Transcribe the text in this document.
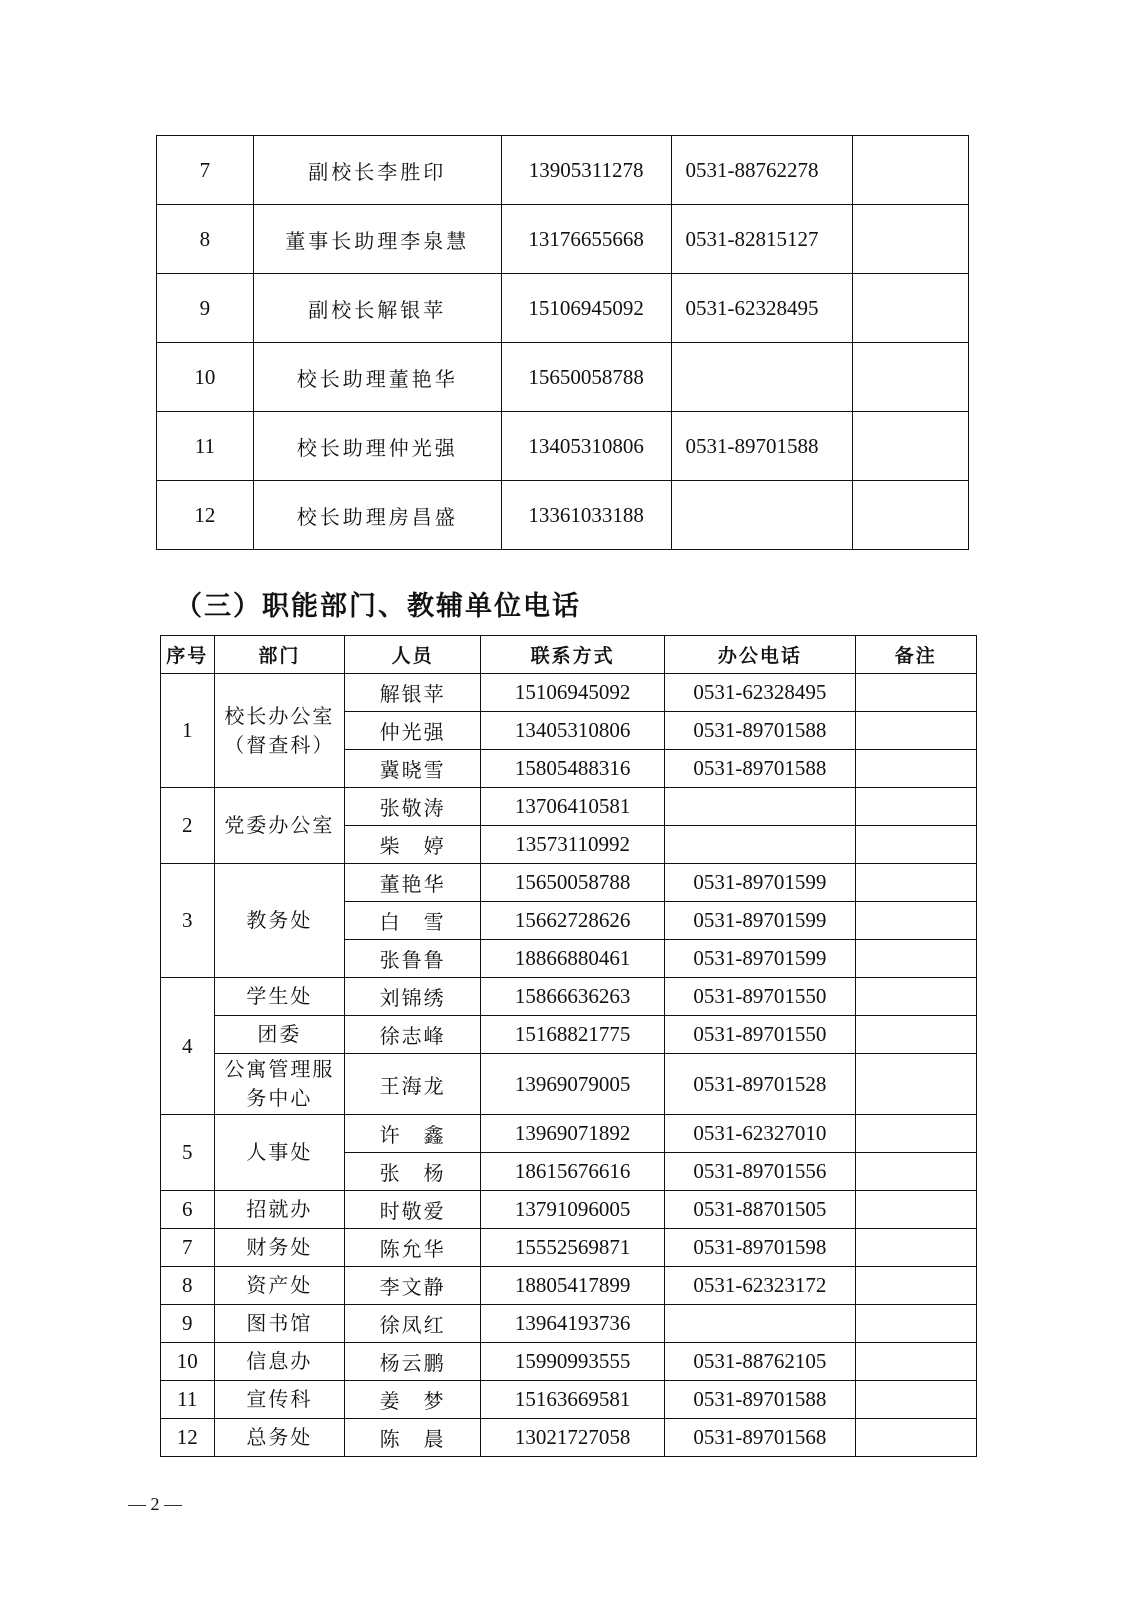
7	副校长李胜印	13905311278	0531-88762278	
8	董事长助理李泉慧	13176655668	0531-82815127	
9	副校长解银苹	15106945092	0531-62328495	
10	校长助理董艳华	15650058788		
11	校长助理仲光强	13405310806	0531-89701588	
12	校长助理房昌盛	13361033188		
（三）职能部门、教辅单位电话
序号	部门	人员	联系方式	办公电话	备注
1	校长办公室（督查科）	解银苹	15106945092	0531-62328495	
		仲光强	13405310806	0531-89701588	
		冀晓雪	15805488316	0531-89701588	
2	党委办公室	张敬涛	13706410581		
		柴　婷	13573110992		
3	教务处	董艳华	15650058788	0531-89701599	
		白　雪	15662728626	0531-89701599	
		张鲁鲁	18866880461	0531-89701599	
4	学生处	刘锦绣	15866636263	0531-89701550	
	团委	徐志峰	15168821775	0531-89701550	
	公寓管理服务中心	王海龙	13969079005	0531-89701528	
5	人事处	许　鑫	13969071892	0531-62327010	
		张　杨	18615676616	0531-89701556	
6	招就办	时敬爱	13791096005	0531-88701505	
7	财务处	陈允华	15552569871	0531-89701598	
8	资产处	李文静	18805417899	0531-62323172	
9	图书馆	徐凤红	13964193736		
10	信息办	杨云鹏	15990993555	0531-88762105	
11	宣传科	姜　梦	15163669581	0531-89701588	
12	总务处	陈　晨	13021727058	0531-89701568	
— 2 —
